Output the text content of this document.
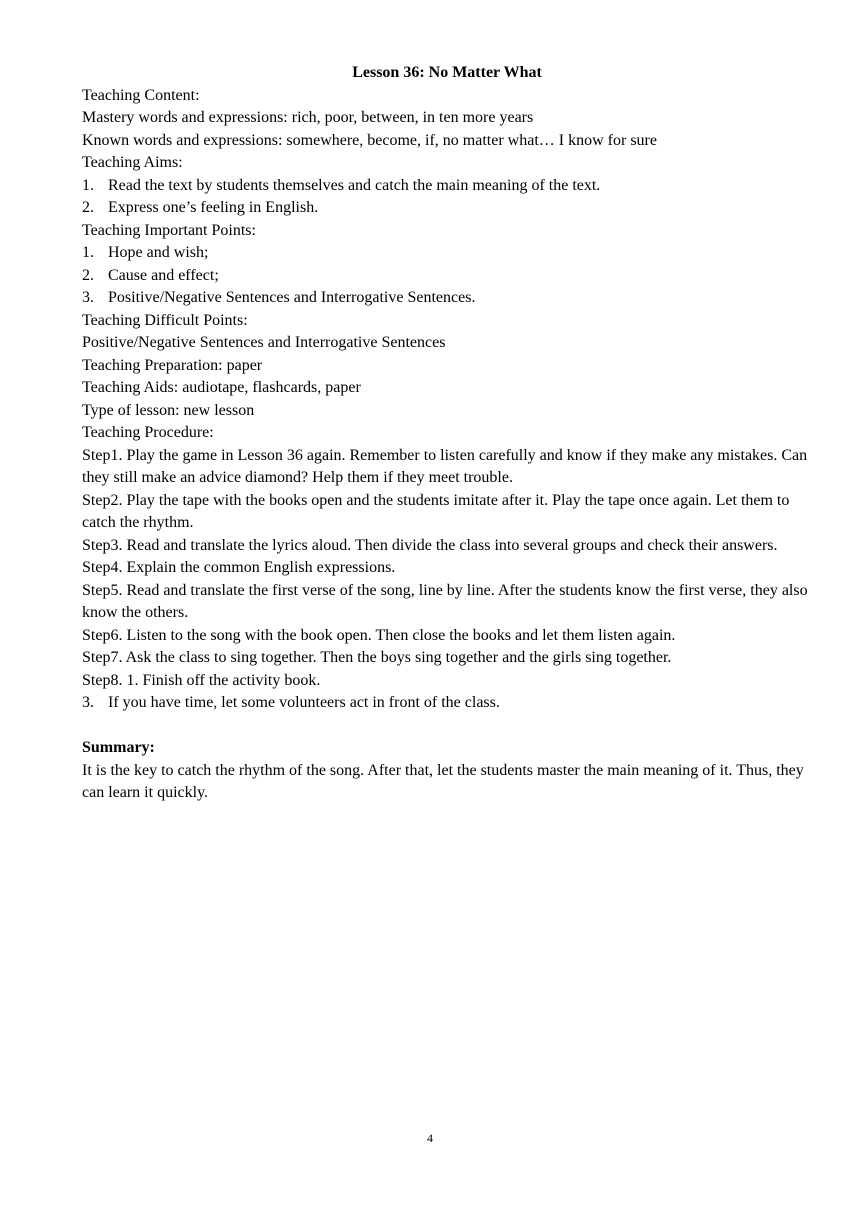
Lesson 36: No Matter What

Teaching Content:

Mastery words and expressions: rich, poor, between, in ten more years

Known words and expressions: somewhere, become, if, no matter what… I know for sure

Teaching Aims:

1. Read the text by students themselves and catch the main meaning of the text.
2. Express one’s feeling in English.

Teaching Important Points:

1. Hope and wish;
2. Cause and effect;
3. Positive/Negative Sentences and Interrogative Sentences.

Teaching Difficult Points:

Positive/Negative Sentences and Interrogative Sentences

Teaching Preparation: paper

Teaching Aids: audiotape, flashcards, paper

Type of lesson: new lesson

Teaching Procedure:

Step1. Play the game in Lesson 36 again. Remember to listen carefully and know if they make any mistakes. Can they still make an advice diamond? Help them if they meet trouble.

Step2. Play the tape with the books open and the students imitate after it. Play the tape once again. Let them to catch the rhythm.

Step3. Read and translate the lyrics aloud. Then divide the class into several groups and check their answers.

Step4. Explain the common English expressions.

Step5. Read and translate the first verse of the song, line by line. After the students know the first verse, they also know the others.

Step6. Listen to the song with the book open. Then close the books and let them listen again.

Step7. Ask the class to sing together. Then the boys sing together and the girls sing together.

Step8. 1. Finish off the activity book.

3. If you have time, let some volunteers act in front of the class.

Summary:

It is the key to catch the rhythm of the song. After that, let the students master the main meaning of it. Thus, they can learn it quickly.

4
